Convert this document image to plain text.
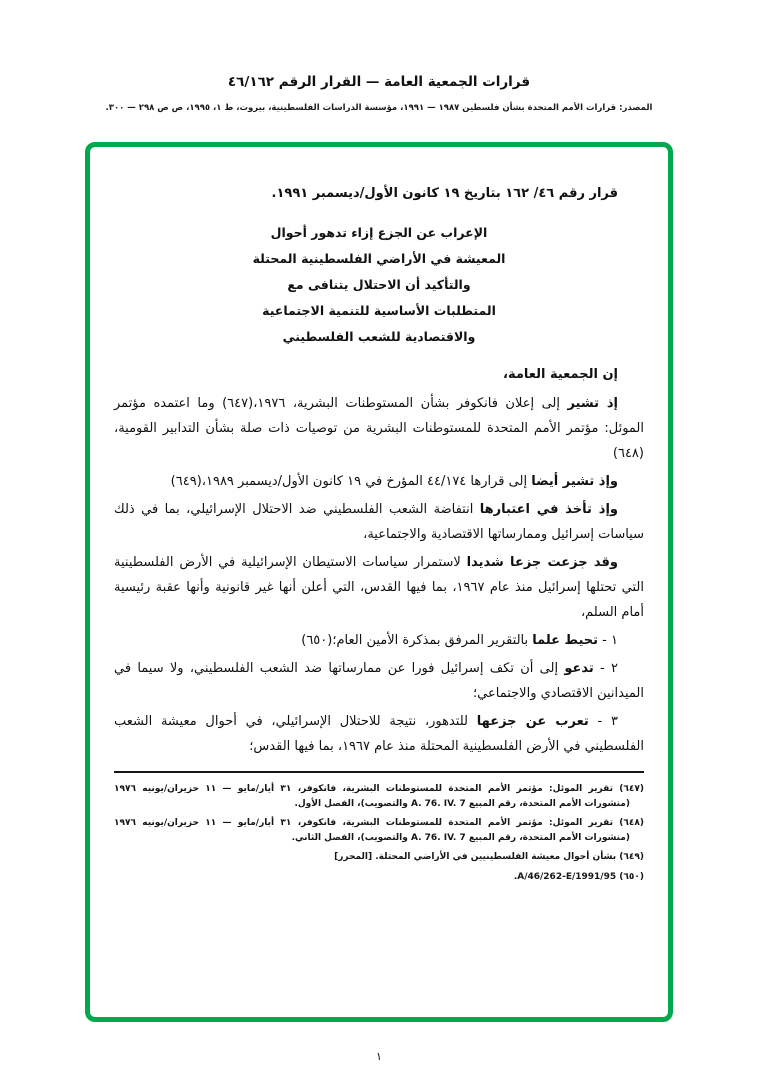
قرارات الجمعية العامة — القرار الرقم ٤٦/١٦٢
المصدر: قرارات الأمم المتحدة بشأن فلسطين ١٩٨٧ — ١٩٩١، مؤسسة الدراسات الفلسطينية، بيروت، ط ١، ١٩٩٥، ص ص ٢٩٨ — ٣٠٠.

قرار رقم ٤٦/ ١٦٢ بتاريخ ١٩ كانون الأول/ديسمبر ١٩٩١.

الإعراب عن الجزع إزاء تدهور أحوال
المعيشة في الأراضي الفلسطينية المحتلة
والتأكيد أن الاحتلال يتنافى مع
المتطلبات الأساسية للتنمية الاجتماعية
والاقتصادية للشعب الفلسطيني

إن الجمعية العامة،

إذ تشير إلى إعلان فانكوفر بشأن المستوطنات البشرية، ١٩٧٦،(٦٤٧) وما اعتمده مؤتمر الموئل: مؤتمر الأمم المتحدة للمستوطنات البشرية من توصيات ذات صلة بشأن التدابير القومية،(٦٤٨)

وإذ تشير أيضا إلى قرارها ٤٤/١٧٤ المؤرخ في ١٩ كانون الأول/ديسمبر ١٩٨٩،(٦٤٩)

وإذ تأخذ في اعتبارها انتفاضة الشعب الفلسطيني ضد الاحتلال الإسرائيلي، بما في ذلك سياسات إسرائيل وممارساتها الاقتصادية والاجتماعية،

وقد جزعت جزعا شديدا لاستمرار سياسات الاستيطان الإسرائيلية في الأرض الفلسطينية التي تحتلها إسرائيل منذ عام ١٩٦٧، بما فيها القدس، التي أعلن أنها غير قانونية وأنها عقبة رئيسية أمام السلم،

١ - تحيط علما بالتقرير المرفق بمذكرة الأمين العام؛(٦٥٠)

٢ - تدعو إلى أن تكف إسرائيل فورا عن ممارساتها ضد الشعب الفلسطيني، ولا سيما في الميدانين الاقتصادي والاجتماعي؛

٣ - تعرب عن جزعها للتدهور، نتيجة للاحتلال الإسرائيلي، في أحوال معيشة الشعب الفلسطيني في الأرض الفلسطينية المحتلة منذ عام ١٩٦٧، بما فيها القدس؛

(٦٤٧) تقرير الموئل: مؤتمر الأمم المتحدة للمستوطنات البشرية، فانكوفر، ٣١ أيار/مايو — ١١ حزيران/يونيه ١٩٧٦ (منشورات الأمم المتحدة، رقم المبيع A. 76. IV. 7 والتصويب)، الفصل الأول.

(٦٤٨) تقرير الموئل: مؤتمر الأمم المتحدة للمستوطنات البشرية، فانكوفر، ٣١ أيار/مايو — ١١ حزيران/يونيه ١٩٧٦ (منشورات الأمم المتحدة، رقم المبيع A. 76. IV. 7 والتصويب)، الفصل الثاني.

(٦٤٩) بشأن أحوال معيشة الفلسطينيين في الأراضي المحتلة. [المحرر]

(٦٥٠) A/46/262-E/1991/95.

١
